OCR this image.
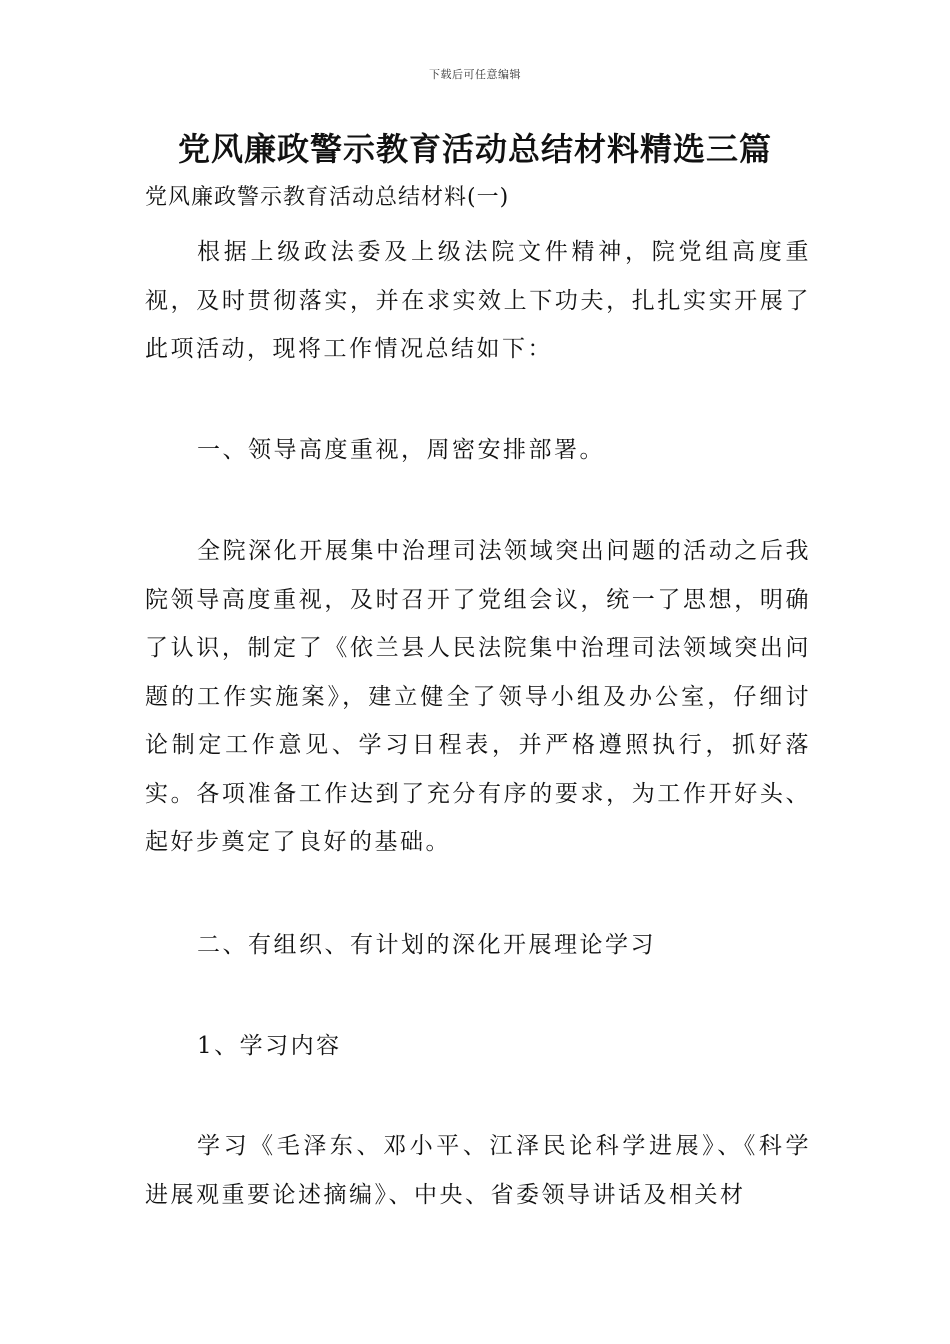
下载后可任意编辑
党风廉政警示教育活动总结材料精选三篇
党风廉政警示教育活动总结材料(一)

根据上级政法委及上级法院文件精神，院党组高度重视，及时贯彻落实，并在求实效上下功夫，扎扎实实开展了此项活动，现将工作情况总结如下：

一、领导高度重视，周密安排部署。

全院深化开展集中治理司法领域突出问题的活动之后我院领导高度重视，及时召开了党组会议，统一了思想，明确了认识，制定了《依兰县人民法院集中治理司法领域突出问题的工作实施案》，建立健全了领导小组及办公室，仔细讨论制定工作意见、学习日程表，并严格遵照执行，抓好落实。各项准备工作达到了充分有序的要求，为工作开好头、起好步奠定了良好的基础。

二、有组织、有计划的深化开展理论学习

1、学习内容

学习《毛泽东、邓小平、江泽民论科学进展》、《科学进展观重要论述摘编》、中央、省委领导讲话及相关材
